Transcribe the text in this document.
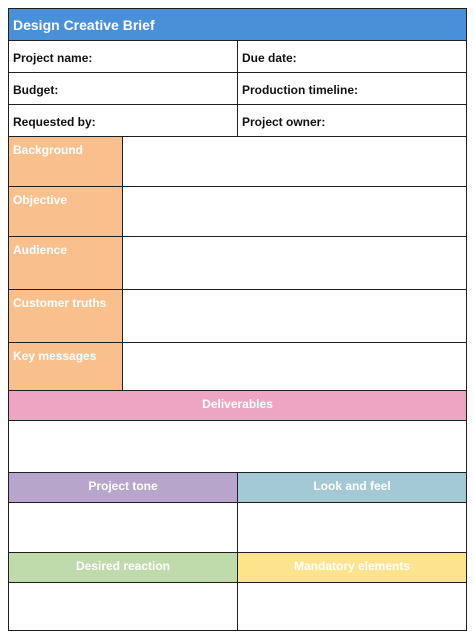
Design Creative Brief		
Project name:		Due date:
Budget:		Production timeline:
Requested by:		Project owner:
Background		
Objective		
Audience		
Customer truths		
Key messages		
Deliverables		

Project tone		Look and feel

Desired reaction		Mandatory elements
